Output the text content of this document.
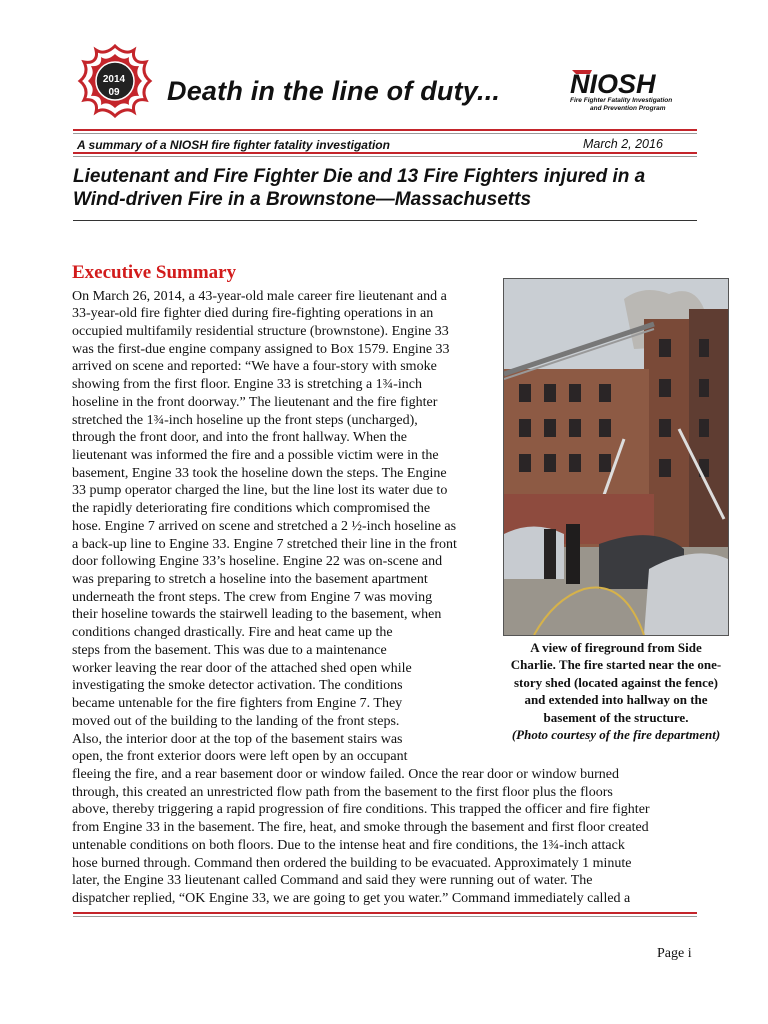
2014
09	Death in the line of duty...	NIOSH
Fire Fighter Fatality Investigation
and Prevention Program
A summary of a NIOSH fire fighter fatality investigation	March 2, 2016
Lieutenant and Fire Fighter Die and 13 Fire Fighters injured in a
Wind-driven Fire in a Brownstone—Massachusetts
Executive Summary
On March 26, 2014, a 43-year-old male career fire lieutenant and a
33-year-old fire fighter died during fire-fighting operations in an
occupied multifamily residential structure (brownstone). Engine 33
was the first-due engine company assigned to Box 1579. Engine 33
arrived on scene and reported: “We have a four-story with smoke
showing from the first floor. Engine 33 is stretching a 1¾-inch
hoseline in the front doorway.” The lieutenant and the fire fighter
stretched the 1¾-inch hoseline up the front steps (uncharged),
through the front door, and into the front hallway. When the
lieutenant was informed the fire and a possible victim were in the
basement, Engine 33 took the hoseline down the steps. The Engine
33 pump operator charged the line, but the line lost its water due to
the rapidly deteriorating fire conditions which compromised the
hose. Engine 7 arrived on scene and stretched a 2 ½-inch hoseline as
a back-up line to Engine 33. Engine 7 stretched their line in the front
door following Engine 33’s hoseline. Engine 22 was on-scene and
was preparing to stretch a hoseline into the basement apartment
underneath the front steps. The crew from Engine 7 was moving
their hoseline towards the stairwell leading to the basement, when
conditions changed drastically. Fire and heat came up the
steps from the basement. This was due to a maintenance
worker leaving the rear door of the attached shed open while
investigating the smoke detector activation. The conditions
became untenable for the fire fighters from Engine 7. They
moved out of the building to the landing of the front steps.
Also, the interior door at the top of the basement stairs was
open, the front exterior doors were left open by an occupant
fleeing the fire, and a rear basement door or window failed. Once the rear door or window burned
through, this created an unrestricted flow path from the basement to the first floor plus the floors
above, thereby triggering a rapid progression of fire conditions. This trapped the officer and fire fighter
from Engine 33 in the basement. The fire, heat, and smoke through the basement and first floor created
untenable conditions on both floors. Due to the intense heat and fire conditions, the 1¾-inch attack
hose burned through. Command then ordered the building to be evacuated. Approximately 1 minute
later, the Engine 33 lieutenant called Command and said they were running out of water. The
dispatcher replied, “OK Engine 33, we are going to get you water.” Command immediately called a
A view of fireground from Side
Charlie. The fire started near the one-
story shed (located against the fence)
and extended into hallway on the
basement of the structure.
(Photo courtesy of the fire department)
Page i
